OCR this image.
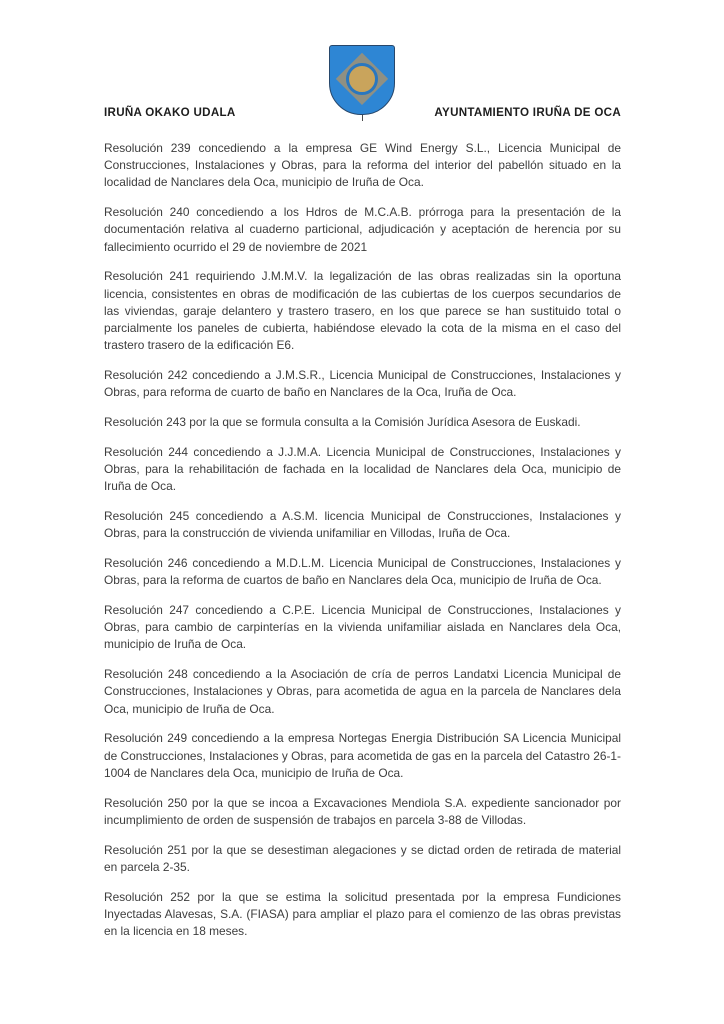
IRUÑA OKAKO UDALA	AYUNTAMIENTO IRUÑA DE OCA

Resolución 239 concediendo a la empresa GE Wind Energy S.L., Licencia Municipal de Construcciones, Instalaciones y Obras, para la reforma del interior del pabellón situado en la localidad de Nanclares dela Oca, municipio de Iruña de Oca.

Resolución 240 concediendo a los Hdros de M.C.A.B. prórroga para la presentación de la documentación relativa al cuaderno particional, adjudicación y aceptación de herencia por su fallecimiento ocurrido el 29 de noviembre de 2021

Resolución 241 requiriendo J.M.M.V. la legalización de las obras realizadas sin la oportuna licencia, consistentes en obras de modificación de las cubiertas de los cuerpos secundarios de las viviendas, garaje delantero y trastero trasero, en los que parece se han sustituido total o parcialmente los paneles de cubierta, habiéndose elevado la cota de la misma en el caso del trastero trasero de la edificación E6.

Resolución 242 concediendo a J.M.S.R., Licencia Municipal de Construcciones, Instalaciones y Obras, para reforma de cuarto de baño en Nanclares de la Oca, Iruña de Oca.

Resolución 243 por la que se formula consulta a la Comisión Jurídica Asesora de Euskadi.

Resolución 244 concediendo a J.J.M.A. Licencia Municipal de Construcciones, Instalaciones y Obras, para la rehabilitación de fachada en la localidad de Nanclares dela Oca, municipio de Iruña de Oca.

Resolución 245 concediendo a A.S.M. licencia Municipal de Construcciones, Instalaciones y Obras, para la construcción de vivienda unifamiliar en Villodas, Iruña de Oca.

Resolución 246 concediendo a M.D.L.M. Licencia Municipal de Construcciones, Instalaciones y Obras, para la reforma de cuartos de baño en Nanclares dela Oca, municipio de Iruña de Oca.

Resolución 247 concediendo a C.P.E. Licencia Municipal de Construcciones, Instalaciones y Obras, para cambio de carpinterías en la vivienda unifamiliar aislada en Nanclares dela Oca, municipio de Iruña de Oca.

Resolución 248 concediendo a la Asociación de cría de perros Landatxi Licencia Municipal de Construcciones, Instalaciones y Obras, para acometida de agua en la parcela de Nanclares dela Oca, municipio de Iruña de Oca.

Resolución 249 concediendo a la empresa Nortegas Energia Distribución SA Licencia Municipal de Construcciones, Instalaciones y Obras, para acometida de gas en la parcela del Catastro 26-1-1004 de Nanclares dela Oca, municipio de Iruña de Oca.

Resolución 250 por la que se incoa a Excavaciones Mendiola S.A. expediente sancionador por incumplimiento de orden de suspensión de trabajos en parcela 3-88 de Villodas.

Resolución 251 por la que se desestiman alegaciones y se dictad orden de retirada de material en parcela 2-35.

Resolución 252 por la que se estima la solicitud presentada por la empresa Fundiciones Inyectadas Alavesas, S.A. (FIASA) para ampliar el plazo para el comienzo de las obras previstas en la licencia en 18 meses.
